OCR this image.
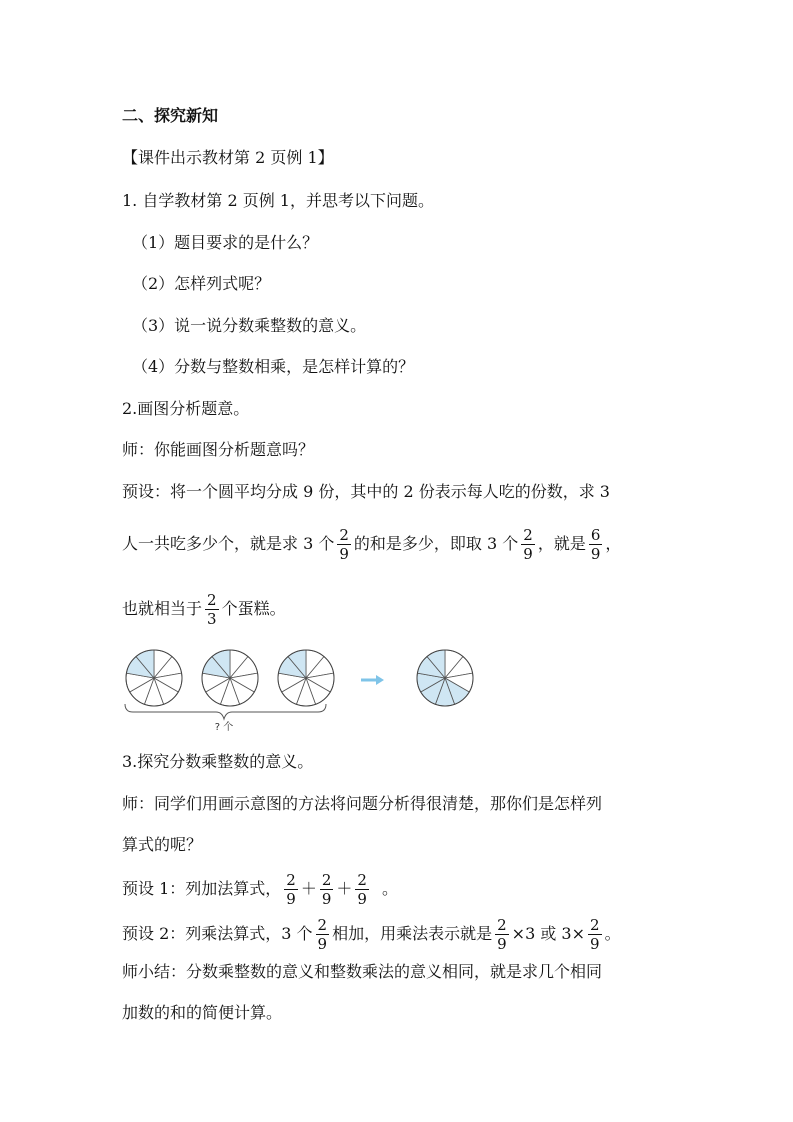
二、探究新知
【课件出示教材第 2 页例 1】
1. 自学教材第 2 页例 1，并思考以下问题。
（1）题目要求的是什么？
（2）怎样列式呢？
（3）说一说分数乘整数的意义。
（4）分数与整数相乘，是怎样计算的？
2.画图分析题意。
师：你能画图分析题意吗？
预设：将一个圆平均分成 9 份，其中的 2 份表示每人吃的份数，求 3
人一共吃多少个，就是求 3 个 $\frac{2}{9}$ 的和是多少，即取 3 个 $\frac{2}{9}$ ，就是 $\frac{6}{9}$ ，
也就相当于 $\frac{2}{3}$ 个蛋糕。
? 个
3.探究分数乘整数的意义。
师：同学们用画示意图的方法将问题分析得很清楚，那你们是怎样列
算式的呢？
预设 1：列加法算式， $\frac{2}{9} + \frac{2}{9} + \frac{2}{9}$ 。
预设 2：列乘法算式，3 个 $\frac{2}{9}$ 相加，用乘法表示就是 $\frac{2}{9} \times 3$ 或 $3\times \frac{2}{9}$ 。
师小结：分数乘整数的意义和整数乘法的意义相同，就是求几个相同
加数的和的简便计算。
